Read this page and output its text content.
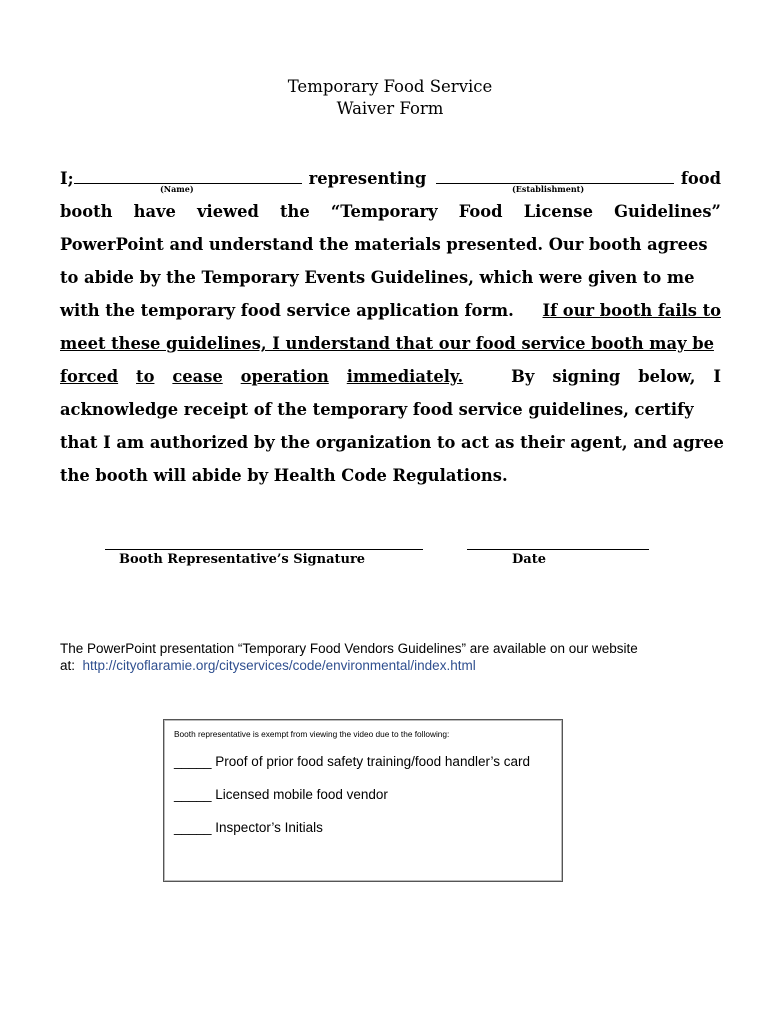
Temporary Food Service
Waiver Form
I;	representing	food
booth have viewed the “Temporary Food License Guidelines”
PowerPoint and understand the materials presented. Our booth agrees
to abide by the Temporary Events Guidelines, which were given to me
with the temporary food service application form. If our booth fails to
meet these guidelines, I understand that our food service booth may be
forced to cease operation immediately.	By signing below, I
acknowledge receipt of the temporary food service guidelines, certify
that I am authorized by the organization to act as their agent, and agree
the booth will abide by Health Code Regulations.
(Name)	(Establishment)
Booth Representative’s Signature	Date
The PowerPoint presentation “Temporary Food Vendors Guidelines” are available on our website
at: http://cityoflaramie.org/cityservices/code/environmental/index.html
Booth representative is exempt from viewing the video due to the following:
_____ Proof of prior food safety training/food handler’s card
_____ Licensed mobile food vendor
_____ Inspector’s Initials
